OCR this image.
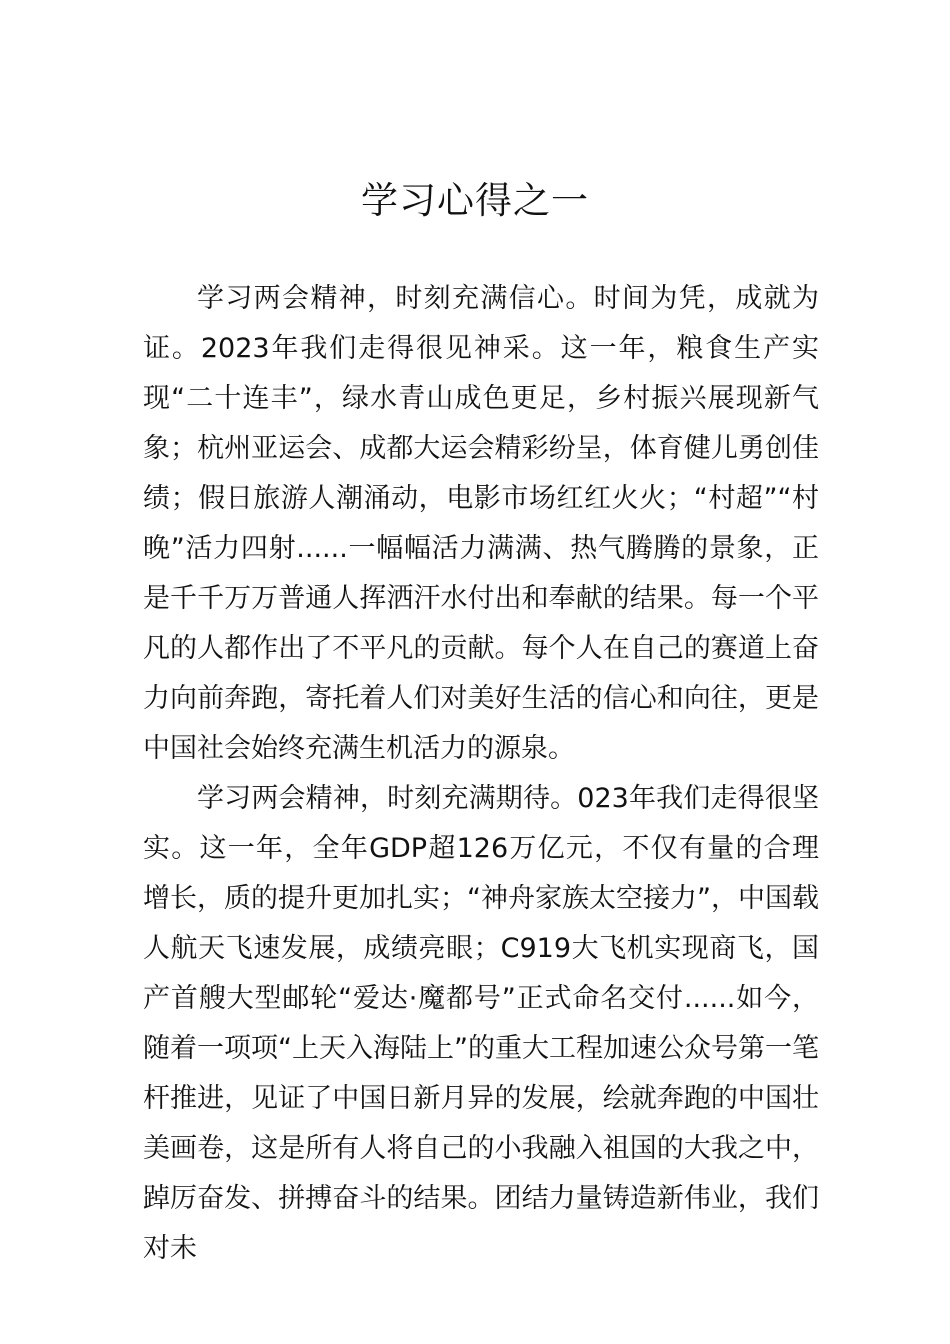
学习心得之一

学习两会精神，时刻充满信心。时间为凭，成就为证。2023年我们走得很见神采。这一年，粮食生产实现“二十连丰”，绿水青山成色更足，乡村振兴展现新气象；杭州亚运会、成都大运会精彩纷呈，体育健儿勇创佳绩；假日旅游人潮涌动，电影市场红红火火；“村超”“村晚”活力四射......一幅幅活力满满、热气腾腾的景象，正是千千万万普通人挥洒汗水付出和奉献的结果。每一个平凡的人都作出了不平凡的贡献。每个人在自己的赛道上奋力向前奔跑，寄托着人们对美好生活的信心和向往，更是中国社会始终充满生机活力的源泉。

学习两会精神，时刻充满期待。023年我们走得很坚实。这一年，全年GDP超126万亿元，不仅有量的合理增长，质的提升更加扎实；“神舟家族太空接力”，中国载人航天飞速发展，成绩亮眼；C919大飞机实现商飞，国产首艘大型邮轮“爱达·魔都号”正式命名交付......如今，随着一项项“上天入海陆上”的重大工程加速公众号第一笔杆推进，见证了中国日新月异的发展，绘就奔跑的中国壮美画卷，这是所有人将自己的小我融入祖国的大我之中，踔厉奋发、拼搏奋斗的结果。团结力量铸造新伟业，我们对未
